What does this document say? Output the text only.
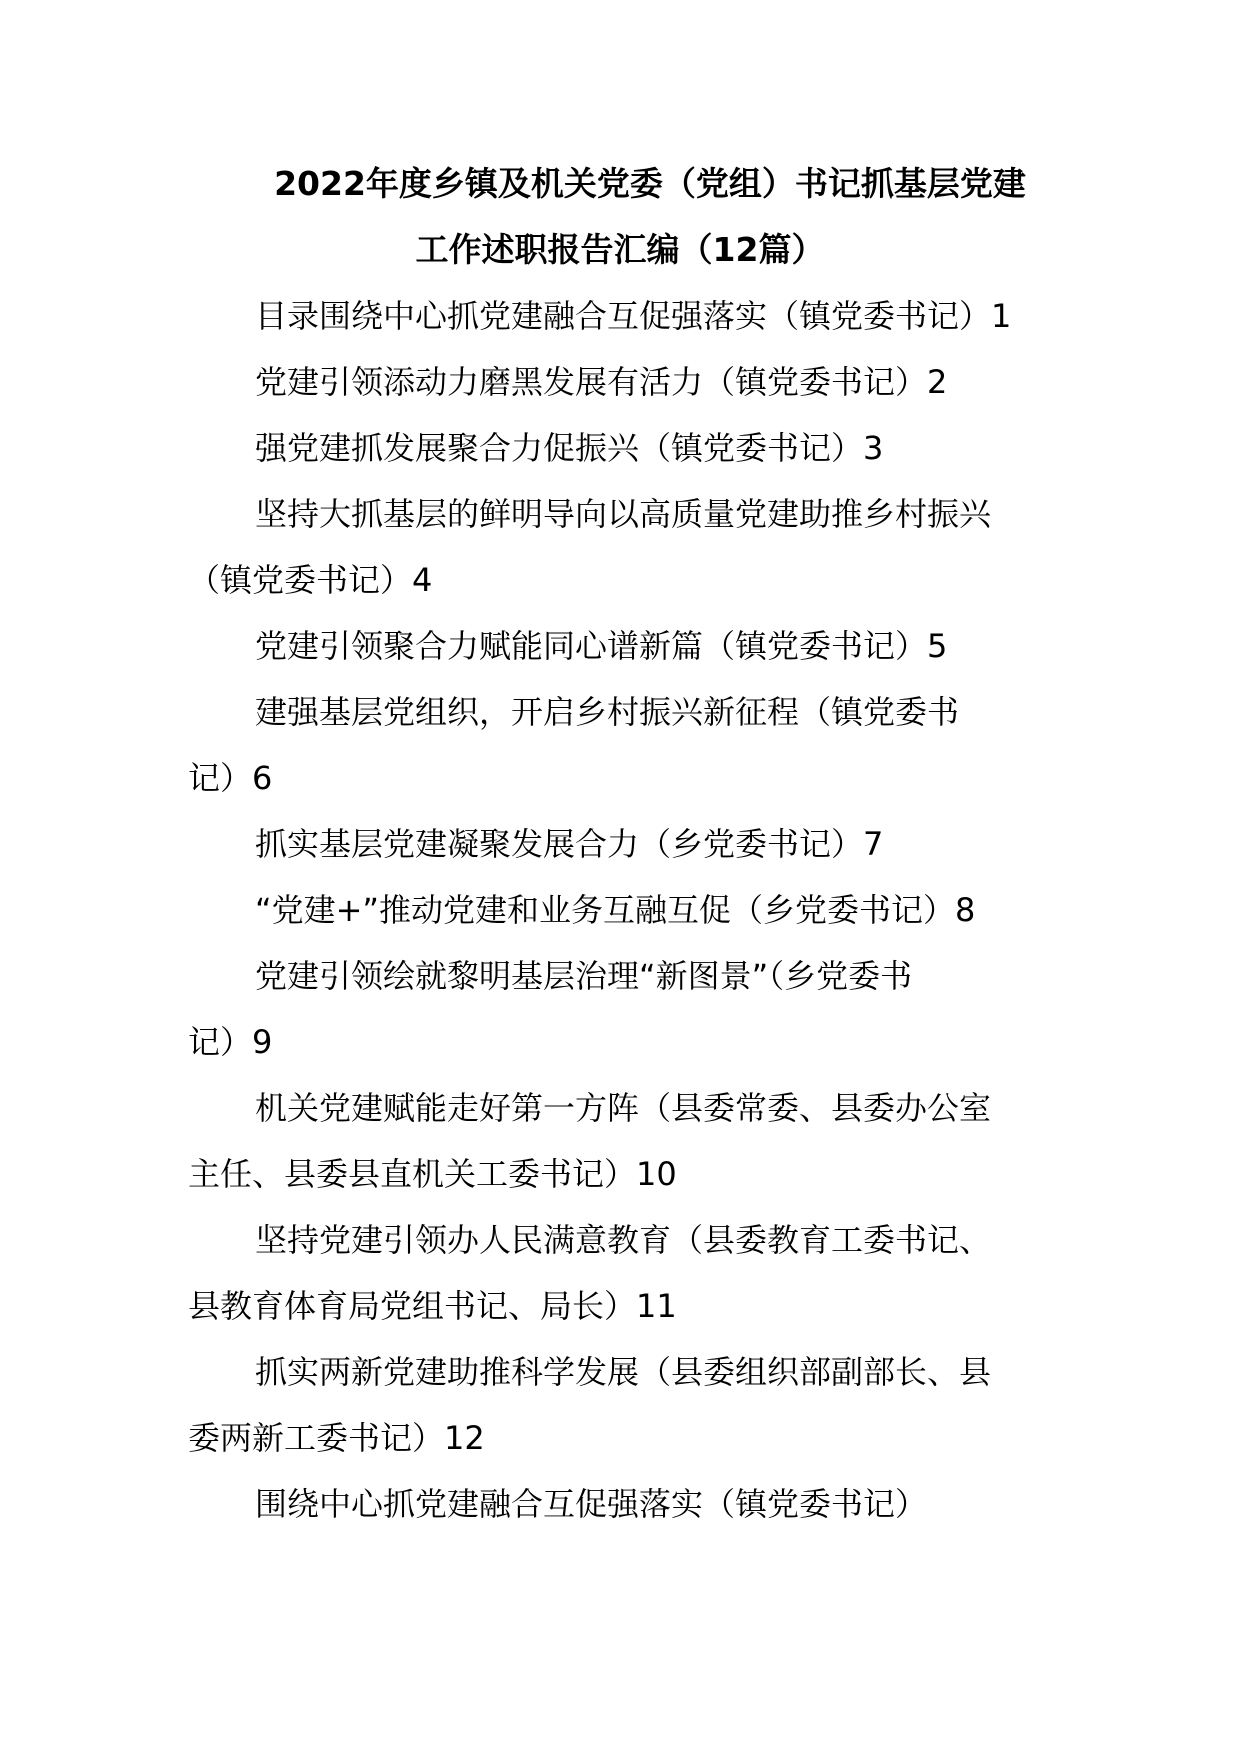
2022年度乡镇及机关党委（党组）书记抓基层党建
工作述职报告汇编（12篇）
目录围绕中心抓党建融合互促强落实（镇党委书记）1
党建引领添动力磨黑发展有活力（镇党委书记）2
强党建抓发展聚合力促振兴（镇党委书记）3
坚持大抓基层的鲜明导向以高质量党建助推乡村振兴
（镇党委书记）4
党建引领聚合力赋能同心谱新篇（镇党委书记）5
建强基层党组织，开启乡村振兴新征程（镇党委书
记）6
抓实基层党建凝聚发展合力（乡党委书记）7
“党建+”推动党建和业务互融互促（乡党委书记）8
党建引领绘就黎明基层治理“新图景”（乡党委书
记）9
机关党建赋能走好第一方阵（县委常委、县委办公室
主任、县委县直机关工委书记）10
坚持党建引领办人民满意教育（县委教育工委书记、
县教育体育局党组书记、局长）11
抓实两新党建助推科学发展（县委组织部副部长、县
委两新工委书记）12
围绕中心抓党建融合互促强落实（镇党委书记）
